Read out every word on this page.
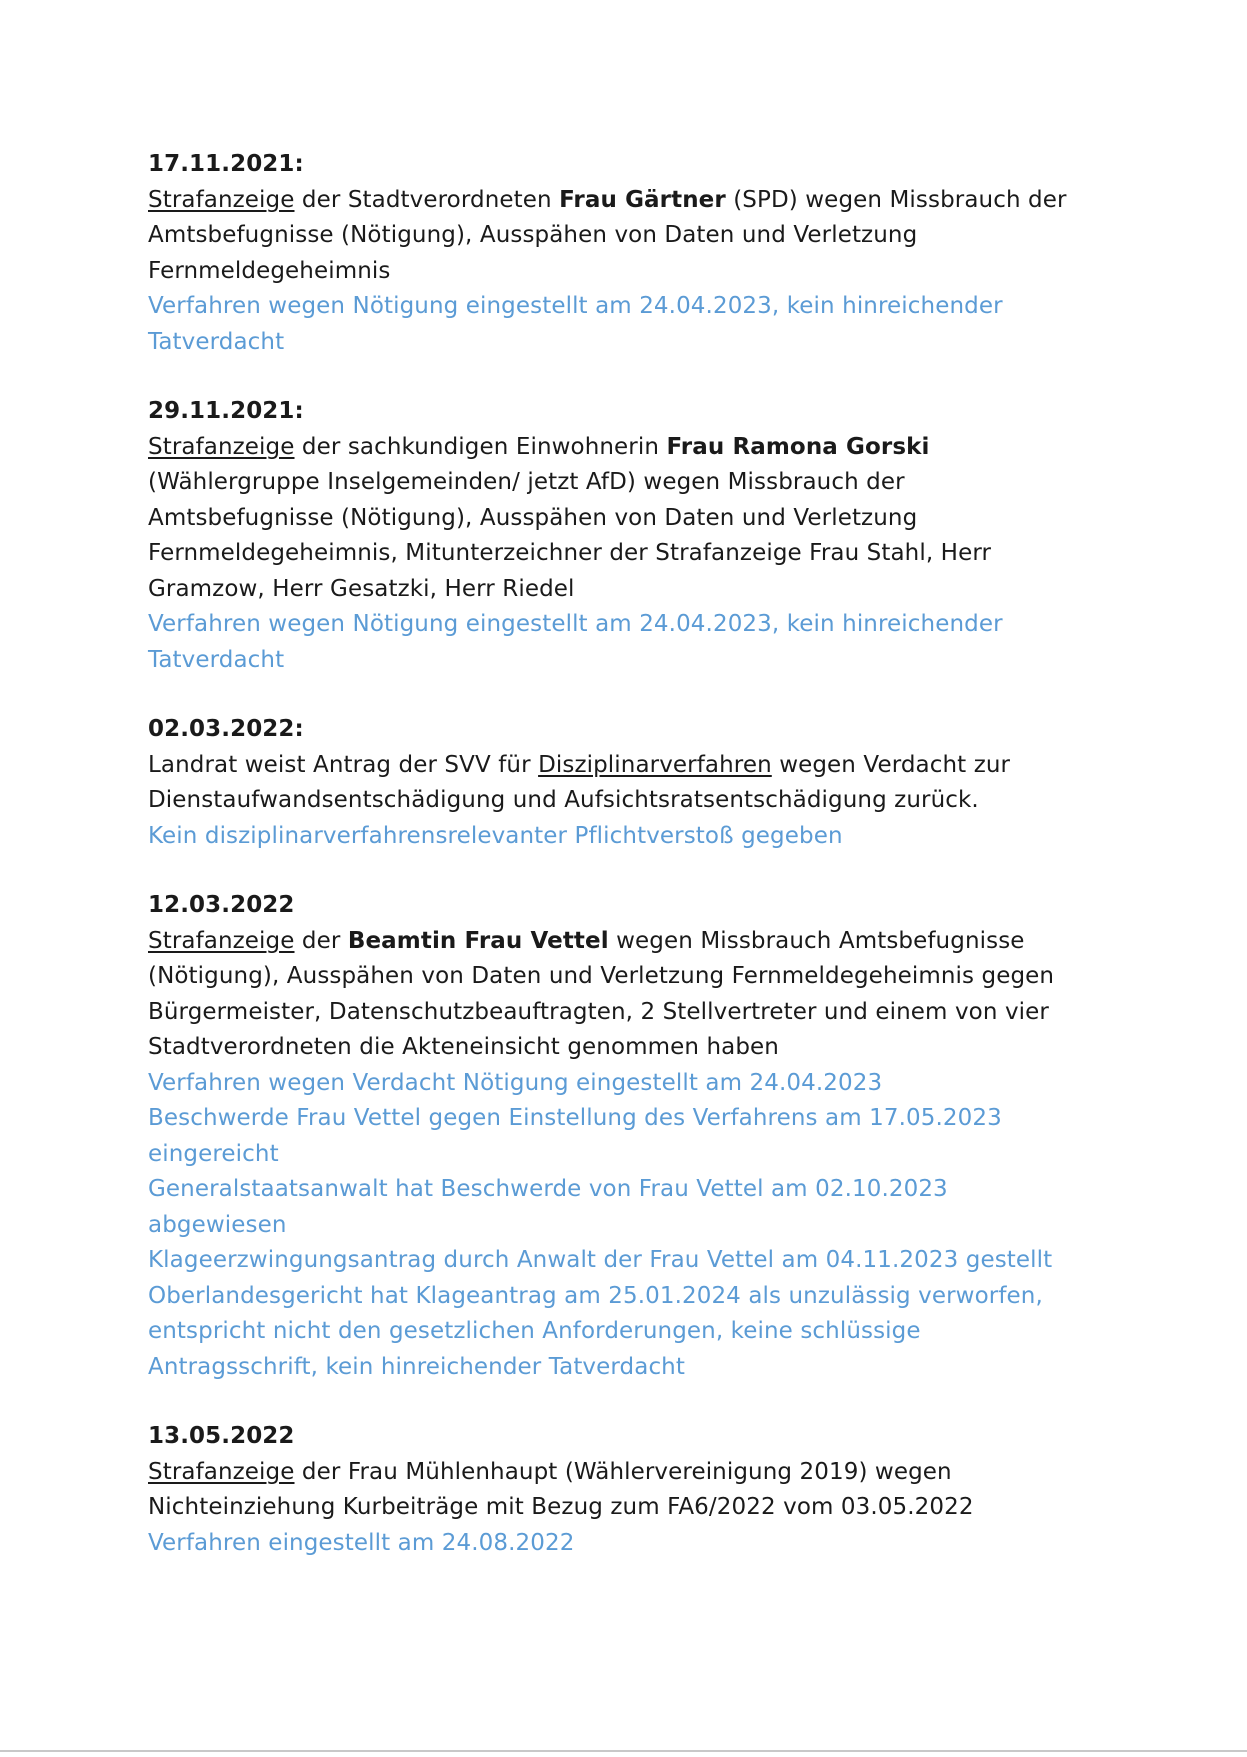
17.11.2021:

Strafanzeige der Stadtverordneten Frau Gärtner (SPD) wegen Missbrauch der Amtsbefugnisse (Nötigung), Ausspähen von Daten und Verletzung Fernmeldegeheimnis

Verfahren wegen Nötigung eingestellt am 24.04.2023, kein hinreichender Tatverdacht

29.11.2021:

Strafanzeige der sachkundigen Einwohnerin Frau Ramona Gorski (Wählergruppe Inselgemeinden/ jetzt AfD) wegen Missbrauch der Amtsbefugnisse (Nötigung), Ausspähen von Daten und Verletzung Fernmeldegeheimnis, Mitunterzeichner der Strafanzeige Frau Stahl, Herr Gramzow, Herr Gesatzki, Herr Riedel

Verfahren wegen Nötigung eingestellt am 24.04.2023, kein hinreichender Tatverdacht

02.03.2022:

Landrat weist Antrag der SVV für Disziplinarverfahren wegen Verdacht zur Dienstaufwandsentschädigung und Aufsichtsratsentschädigung zurück.

Kein disziplinarverfahrensrelevanter Pflichtverstoß gegeben

12.03.2022

Strafanzeige der Beamtin Frau Vettel wegen Missbrauch Amtsbefugnisse (Nötigung), Ausspähen von Daten und Verletzung Fernmeldegeheimnis gegen Bürgermeister, Datenschutzbeauftragten, 2 Stellvertreter und einem von vier Stadtverordneten die Akteneinsicht genommen haben

Verfahren wegen Verdacht Nötigung eingestellt am 24.04.2023
Beschwerde Frau Vettel gegen Einstellung des Verfahrens am 17.05.2023 eingereicht
Generalstaatsanwalt hat Beschwerde von Frau Vettel am 02.10.2023 abgewiesen
Klageerzwingungsantrag durch Anwalt der Frau Vettel am 04.11.2023 gestellt
Oberlandesgericht hat Klageantrag am 25.01.2024 als unzulässig verworfen, entspricht nicht den gesetzlichen Anforderungen, keine schlüssige Antragsschrift, kein hinreichender Tatverdacht

13.05.2022

Strafanzeige der Frau Mühlenhaupt (Wählervereinigung 2019) wegen Nichteinziehung Kurbeiträge mit Bezug zum FA6/2022 vom 03.05.2022

Verfahren eingestellt am 24.08.2022
